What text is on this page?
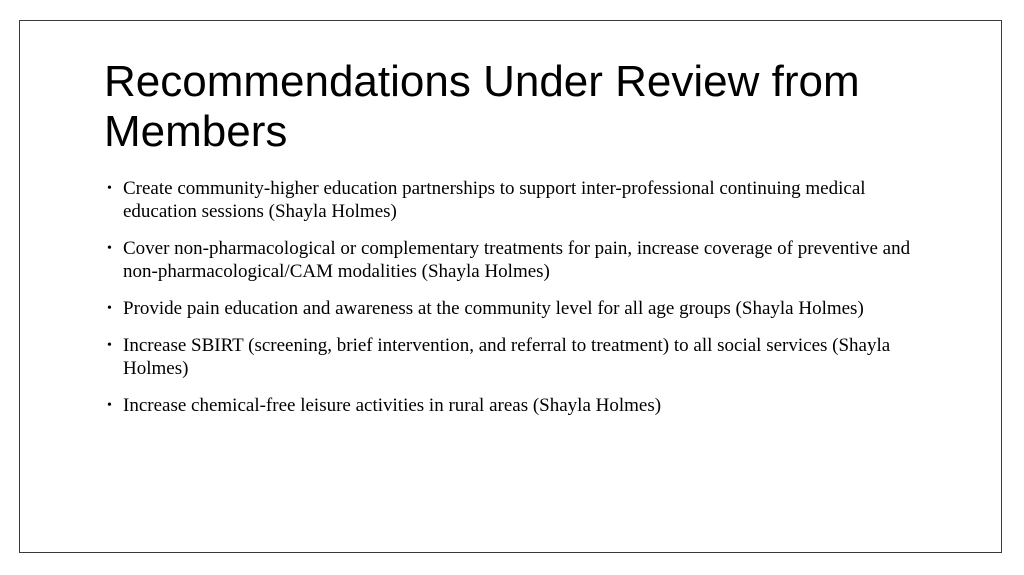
Recommendations Under Review from Members
• Create community-higher education partnerships to support inter-professional continuing medical education sessions (Shayla Holmes)
• Cover non-pharmacological or complementary treatments for pain, increase coverage of preventive and non-pharmacological/CAM modalities (Shayla Holmes)
• Provide pain education and awareness at the community level for all age groups (Shayla Holmes)
• Increase SBIRT (screening, brief intervention, and referral to treatment) to all social services (Shayla Holmes)
• Increase chemical-free leisure activities in rural areas (Shayla Holmes)
